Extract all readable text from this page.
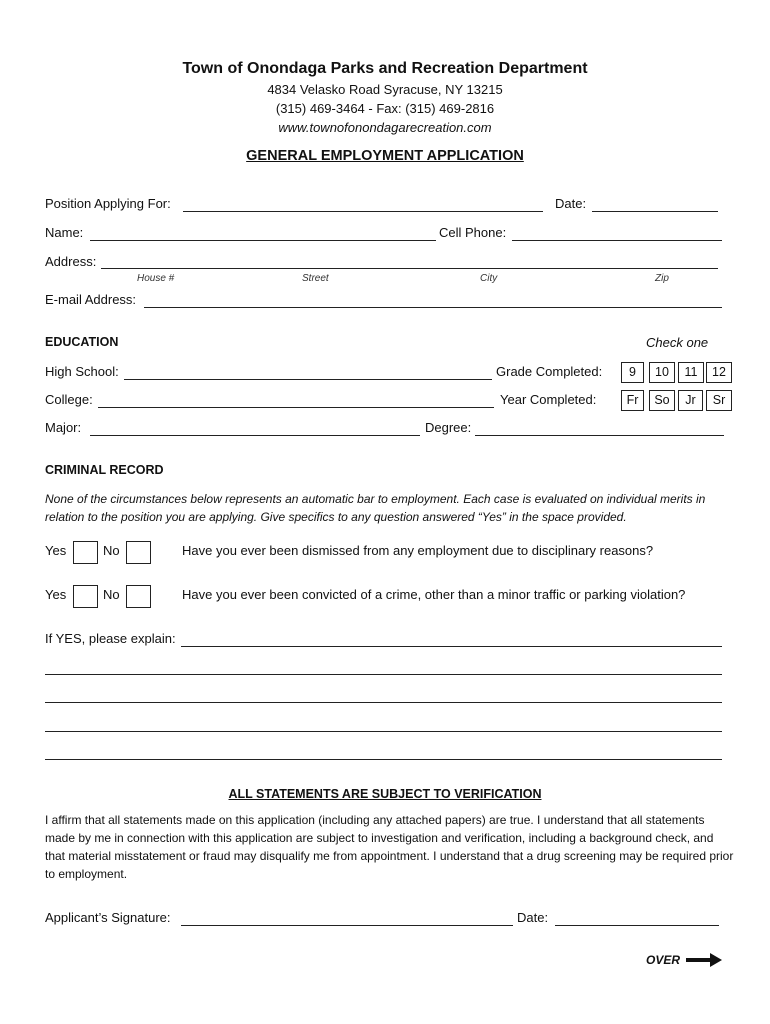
Town of Onondaga Parks and Recreation Department
4834 Velasko Road Syracuse, NY 13215
(315) 469-3464 - Fax: (315) 469-2816
www.townofonondagarecreation.com
GENERAL EMPLOYMENT APPLICATION
Position Applying For:	Date:
Name:	Cell Phone:
Address:
House #	Street	City	Zip
E-mail Address:
EDUCATION	Check one
High School:	Grade Completed:	9	10	11	12
College:	Year Completed:	Fr	So	Jr	Sr
Major:	Degree:
CRIMINAL RECORD
None of the circumstances below represents an automatic bar to employment. Each case is evaluated on individual merits in relation to the position you are applying. Give specifics to any question answered “Yes” in the space provided.
Yes	No	Have you ever been dismissed from any employment due to disciplinary reasons?
Yes	No	Have you ever been convicted of a crime, other than a minor traffic or parking violation?
If YES, please explain:
ALL STATEMENTS ARE SUBJECT TO VERIFICATION
I affirm that all statements made on this application (including any attached papers) are true. I understand that all statements made by me in connection with this application are subject to investigation and verification, including a background check, and that material misstatement or fraud may disqualify me from appointment. I understand that a drug screening may be required prior to employment.
Applicant’s Signature:	Date:
OVER
